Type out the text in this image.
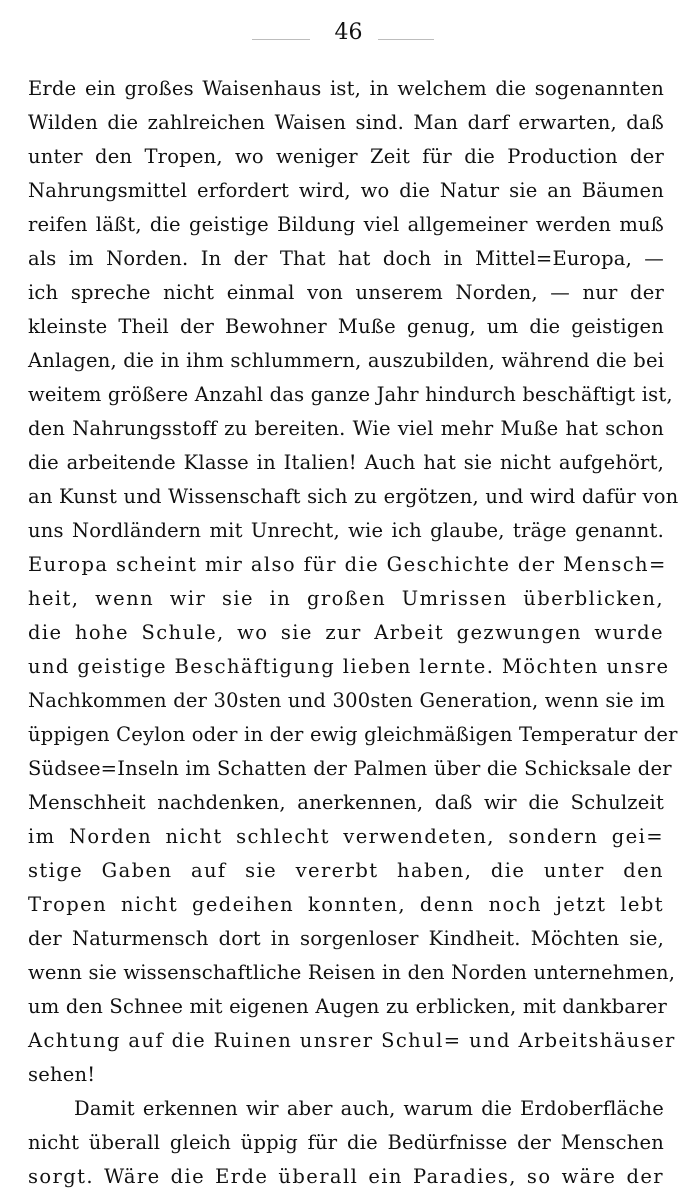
46
Erde ein großes Waisenhaus ist, in welchem die sogenannten
Wilden die zahlreichen Waisen sind. Man darf erwarten, daß
unter den Tropen, wo weniger Zeit für die Production der
Nahrungsmittel erfordert wird, wo die Natur sie an Bäumen
reifen läßt, die geistige Bildung viel allgemeiner werden muß
als im Norden. In der That hat doch in Mittel=Europa, —
ich spreche nicht einmal von unserem Norden, — nur der
kleinste Theil der Bewohner Muße genug, um die geistigen
Anlagen, die in ihm schlummern, auszubilden, während die bei
weitem größere Anzahl das ganze Jahr hindurch beschäftigt ist,
den Nahrungsstoff zu bereiten. Wie viel mehr Muße hat schon
die arbeitende Klasse in Italien! Auch hat sie nicht aufgehört,
an Kunst und Wissenschaft sich zu ergötzen, und wird dafür von
uns Nordländern mit Unrecht, wie ich glaube, träge genannt.
Europa scheint mir also für die Geschichte der Mensch=
heit, wenn wir sie in großen Umrissen überblicken,
die hohe Schule, wo sie zur Arbeit gezwungen wurde
und geistige Beschäftigung lieben lernte. Möchten unsre
Nachkommen der 30sten und 300sten Generation, wenn sie im
üppigen Ceylon oder in der ewig gleichmäßigen Temperatur der
Südsee=Inseln im Schatten der Palmen über die Schicksale der
Menschheit nachdenken, anerkennen, daß wir die Schulzeit
im Norden nicht schlecht verwendeten, sondern gei=
stige Gaben auf sie vererbt haben, die unter den
Tropen nicht gedeihen konnten, denn noch jetzt lebt
der Naturmensch dort in sorgenloser Kindheit. Möchten sie,
wenn sie wissenschaftliche Reisen in den Norden unternehmen,
um den Schnee mit eigenen Augen zu erblicken, mit dankbarer
Achtung auf die Ruinen unsrer Schul= und Arbeitshäuser
sehen!
Damit erkennen wir aber auch, warum die Erdoberfläche
nicht überall gleich üppig für die Bedürfnisse der Menschen
sorgt. Wäre die Erde überall ein Paradies, so wäre der
